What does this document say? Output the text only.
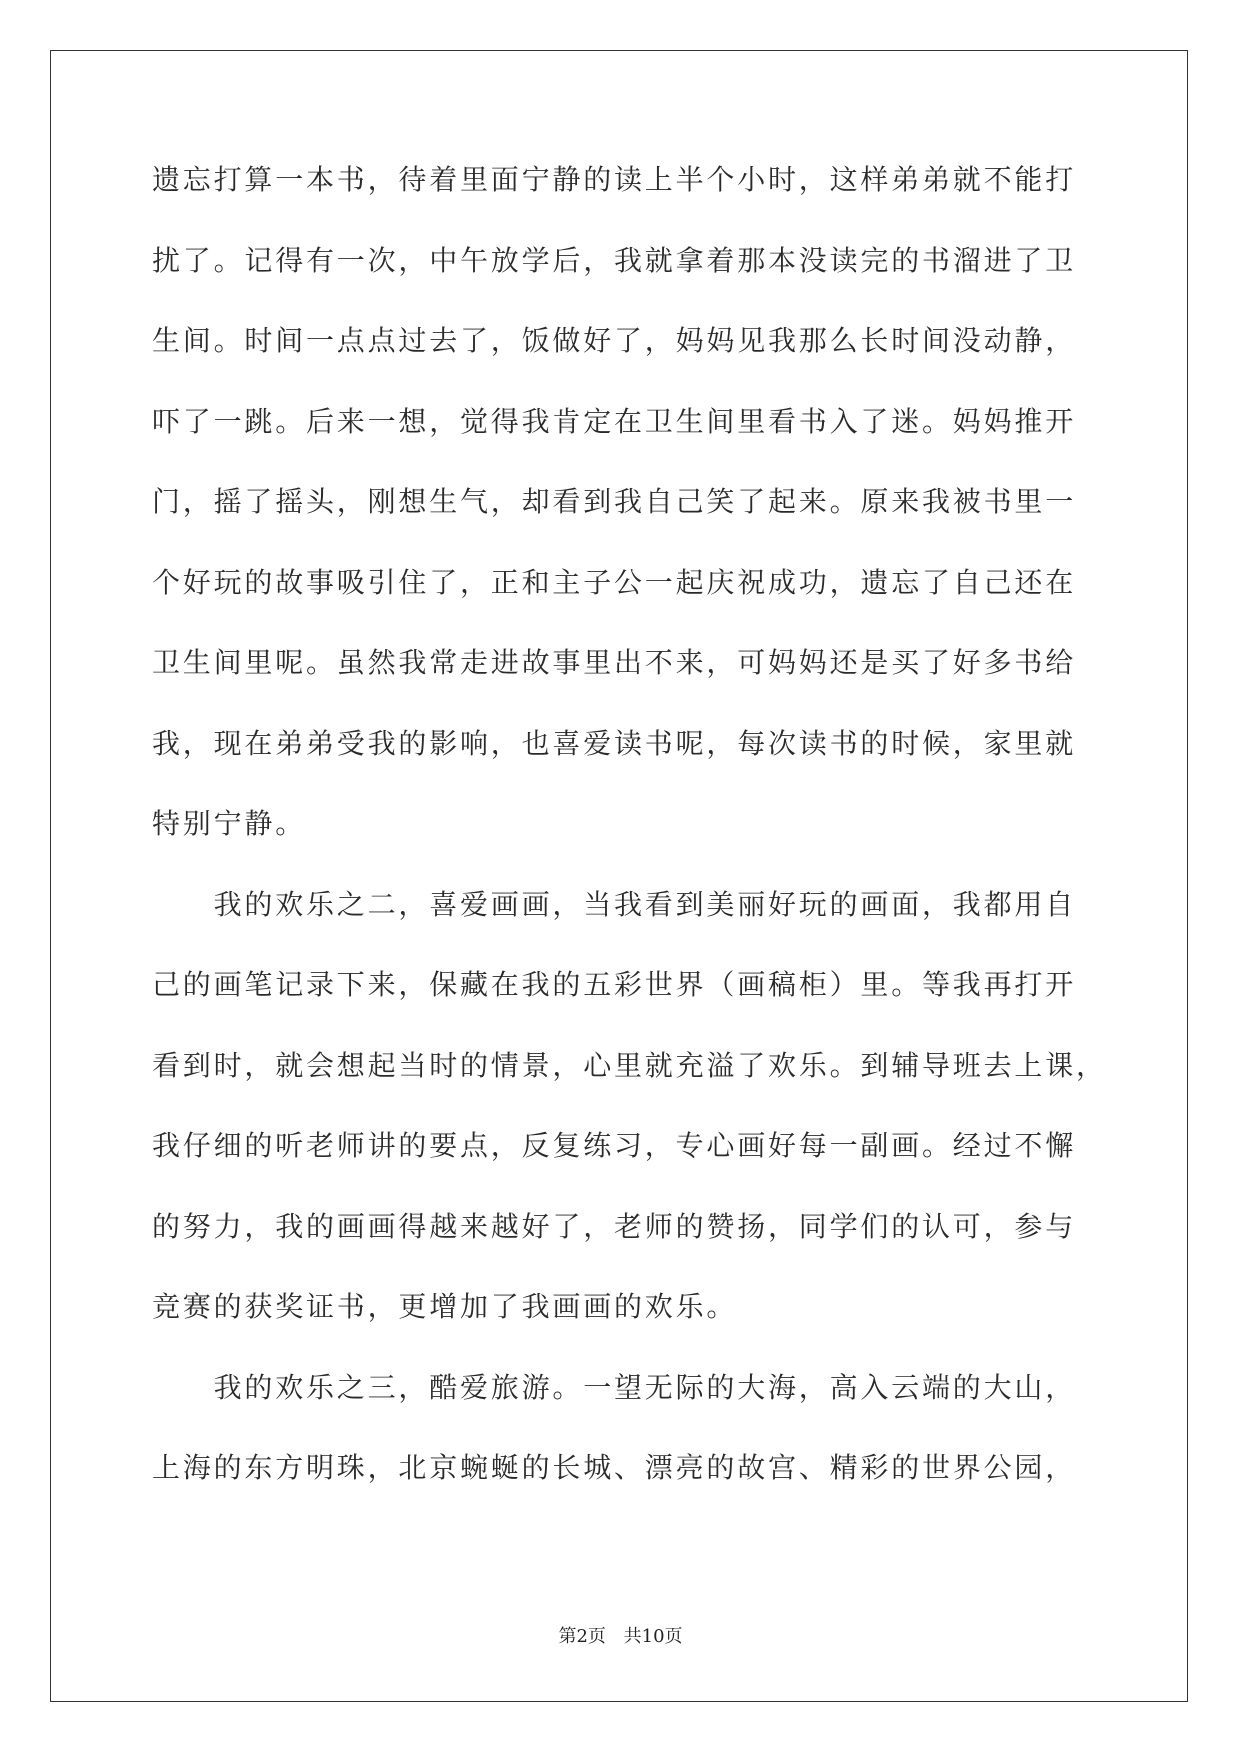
遗忘打算一本书，待着里面宁静的读上半个小时，这样弟弟就不能打
扰了。记得有一次，中午放学后，我就拿着那本没读完的书溜进了卫
生间。时间一点点过去了，饭做好了，妈妈见我那么长时间没动静，
吓了一跳。后来一想，觉得我肯定在卫生间里看书入了迷。妈妈推开
门，摇了摇头，刚想生气，却看到我自己笑了起来。原来我被书里一
个好玩的故事吸引住了，正和主子公一起庆祝成功，遗忘了自己还在
卫生间里呢。虽然我常走进故事里出不来，可妈妈还是买了好多书给
我，现在弟弟受我的影响，也喜爱读书呢，每次读书的时候，家里就
特别宁静。
　　我的欢乐之二，喜爱画画，当我看到美丽好玩的画面，我都用自
己的画笔记录下来，保藏在我的五彩世界（画稿柜）里。等我再打开
看到时，就会想起当时的情景，心里就充溢了欢乐。到辅导班去上课，
我仔细的听老师讲的要点，反复练习，专心画好每一副画。经过不懈
的努力，我的画画得越来越好了，老师的赞扬，同学们的认可，参与
竞赛的获奖证书，更增加了我画画的欢乐。
　　我的欢乐之三，酷爱旅游。一望无际的大海，高入云端的大山，
上海的东方明珠，北京蜿蜒的长城、漂亮的故宫、精彩的世界公园，
第2页 共10页
